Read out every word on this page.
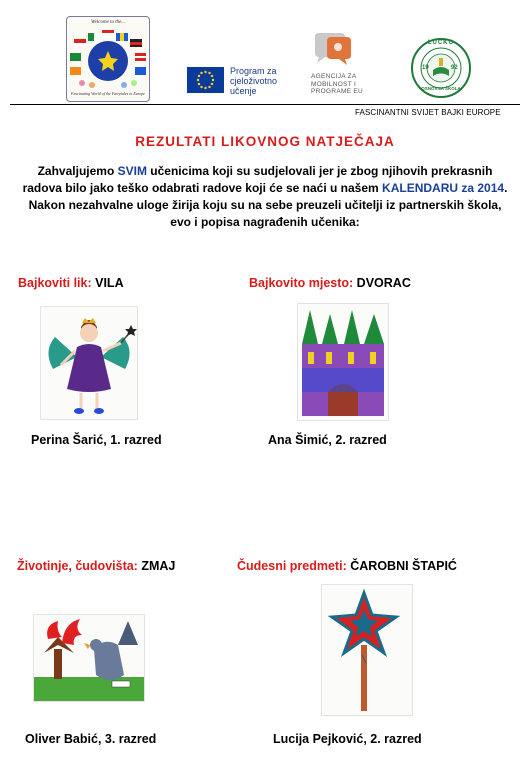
Welcome to the...
Fascinating World of the Fairytales in Europe
Program za
cjeloživotno
učenje
AGENCIJA ZA
MOBILNOST I
PROGRAME EU
LUČKO
19	92
OSNOVNA ŠKOLA
FASCINANTNI SVIJET BAJKI EUROPE
REZULTATI LIKOVNOG NATJEČAJA
Zahvaljujemo SVIM učenicima koji su sudjelovali jer je zbog njihovih prekrasnih radova bilo jako teško odabrati radove koji će se naći u našem KALENDARU za 2014. Nakon nezahvalne uloge žirija koju su na sebe preuzeli učitelji iz partnerskih škola, evo i popisa nagrađenih učenika:
Bajkoviti lik: VILA
Perina Šarić, 1. razred
Bajkovito mjesto: DVORAC
Ana Šimić, 2. razred
Životinje, čudovišta: ZMAJ
Oliver Babić, 3. razred
Čudesni predmeti: ČAROBNI ŠTAPIĆ
Lucija Pejković, 2. razred
